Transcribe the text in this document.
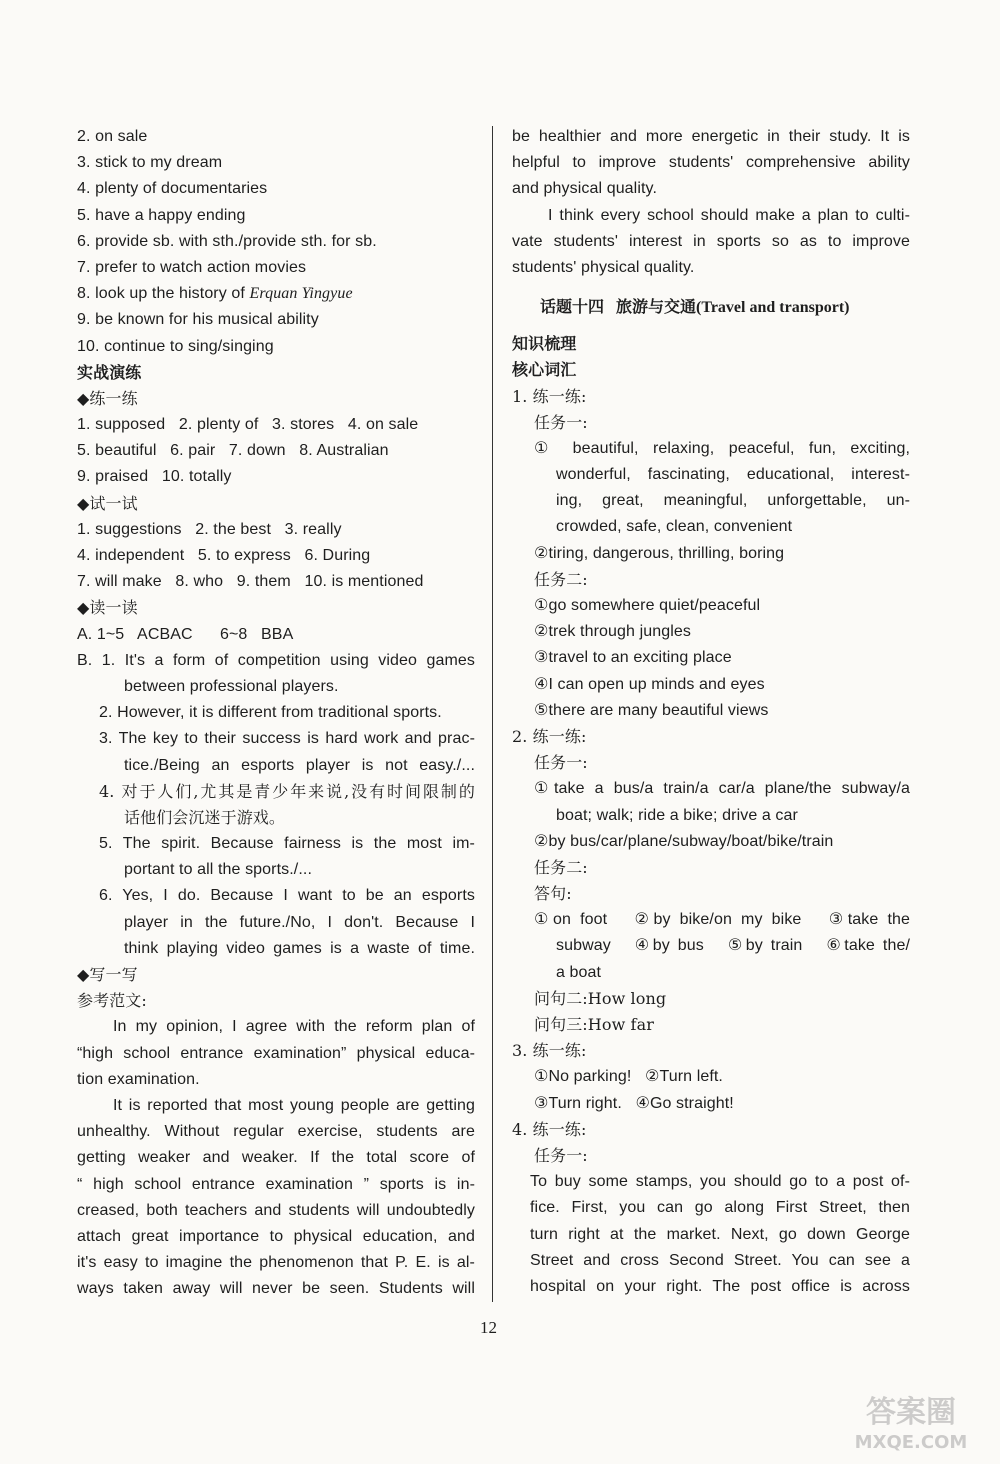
2. on sale
3. stick to my dream
4. plenty of documentaries
5. have a happy ending
6. provide sb. with sth./provide sth. for sb.
7. prefer to watch action movies
8. look up the history of Erquan Yingyue
9. be known for his musical ability
10. continue to sing/singing
实战演练
◆练一练
1. supposed   2. plenty of   3. stores   4. on sale
5. beautiful   6. pair   7. down   8. Australian
9. praised   10. totally
◆试一试
1. suggestions   2. the best   3. really
4. independent   5. to express   6. During
7. will make   8. who   9. them   10. is mentioned
◆读一读
A. 1~5   ACBAC      6~8   BBA
B. 1. It's a form of competition using video games
between professional players.
2. However, it is different from traditional sports.
3. The key to their success is hard work and prac-
tice./Being an esports player is not easy./...
4. 对于人们,尤其是青少年来说,没有时间限制的
话他们会沉迷于游戏。
5. The spirit. Because fairness is the most im-
portant to all the sports./...
6. Yes, I do. Because I want to be an esports
player in the future./No, I don't. Because I
think playing video games is a waste of time.
◆写一写
参考范文:
In my opinion, I agree with the reform plan of
“high school entrance examination” physical educa-
tion examination.
It is reported that most young people are getting
unhealthy. Without regular exercise, students are
getting weaker and weaker. If the total score of
“ high school entrance examination ” sports is in-
creased, both teachers and students will undoubtedly
attach great importance to physical education, and
it's easy to imagine the phenomenon that P. E. is al-
ways taken away will never be seen. Students will
be healthier and more energetic in their study. It is
helpful to improve students' comprehensive ability
and physical quality.
I think every school should make a plan to culti-
vate students' interest in sports so as to improve
students' physical quality.
话题十四   旅游与交通(Travel and transport)
知识梳理
核心词汇
1. 练一练:
任务一:
① beautiful, relaxing, peaceful, fun, exciting,
wonderful, fascinating, educational, interest-
ing, great, meaningful, unforgettable, un-
crowded, safe, clean, convenient
②tiring, dangerous, thrilling, boring
任务二:
①go somewhere quiet/peaceful
②trek through jungles
③travel to an exciting place
④I can open up minds and eyes
⑤there are many beautiful views
2. 练一练:
任务一:
①take a bus/a train/a car/a plane/the subway/a
boat; walk; ride a bike; drive a car
②by bus/car/plane/subway/boat/bike/train
任务二:
答句:
①on foot   ②by bike/on my bike   ③take the
subway   ④by bus   ⑤by train   ⑥take the/
a boat
问句二:How long
问句三:How far
3. 练一练:
①No parking!   ②Turn left.
③Turn right.   ④Go straight!
4. 练一练:
任务一:
To buy some stamps, you should go to a post of-
fice. First, you can go along First Street, then
turn right at the market. Next, go down George
Street and cross Second Street. You can see a
hospital on your right. The post office is across
12
答案圈
MXQE.COM
